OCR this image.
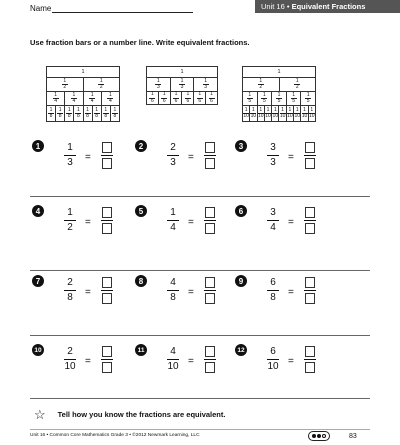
Name	Unit 16 • Equivalent Fractions
Use fraction bars or a number line. Write equivalent fractions.
1
1
2
1
2
1
4
1
4
1
4
1
4
1
8
1
8
1
8
1
8
1
8
1
8
1
8
1
8
1
1
3
1
3
1
3
1
6
1
6
1
6
1
6
1
6
1
6
1
1
2
1
2
1
5
1
5
1
5
1
5
1
5
1
10
1
10
1
10
1
10
1
10
1
10
1
10
1
10
1
10
1
10
1	1
3 =
2	2
3 =
3	3
3 =
4	1
2 =
5	1
4 =
6	3
4 =
7	2
8 =
8	4
8 =
9	6
8 =
10	2
10 =
11	4
10 =
12	6
10 =
☆ Tell how you know the fractions are equivalent.
Unit 16 • Common Core Mathematics Grade 3 • ©2012 Newmark Learning, LLC	83
